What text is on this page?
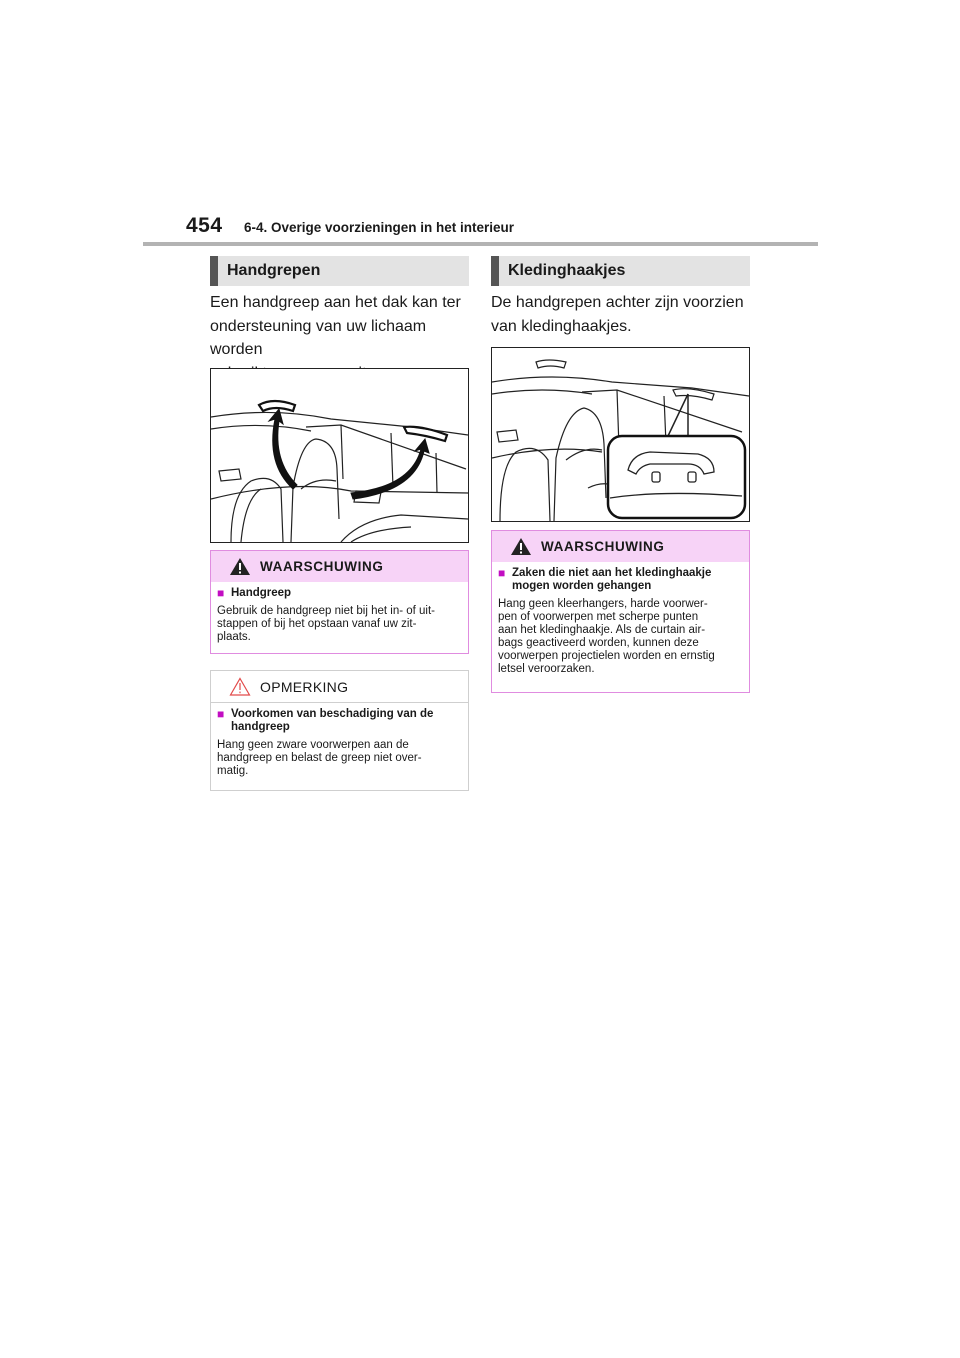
454 6-4. Overige voorzieningen in het interieur
Handgrepen
Een handgreep aan het dak kan ter
ondersteuning van uw lichaam worden
WAARSCHUWING
■ Handgreep
Gebruik de handgreep niet bij het in- of uit-
stappen of bij het opstaan vanaf uw zit-
plaats.
OPMERKING
■ Voorkomen van beschadiging van de
handgreep
Hang geen zware voorwerpen aan de
handgreep en belast de greep niet over-
matig.
Kledinghaakjes
De handgrepen achter zijn voorzien
van kledinghaakjes.
WAARSCHUWING
■ Zaken die niet aan het kledinghaakje
mogen worden gehangen
Hang geen kleerhangers, harde voorwer-
pen of voorwerpen met scherpe punten
aan het kledinghaakje. Als de curtain air-
bags geactiveerd worden, kunnen deze
voorwerpen projectielen worden en ernstig
letsel veroorzaken.
